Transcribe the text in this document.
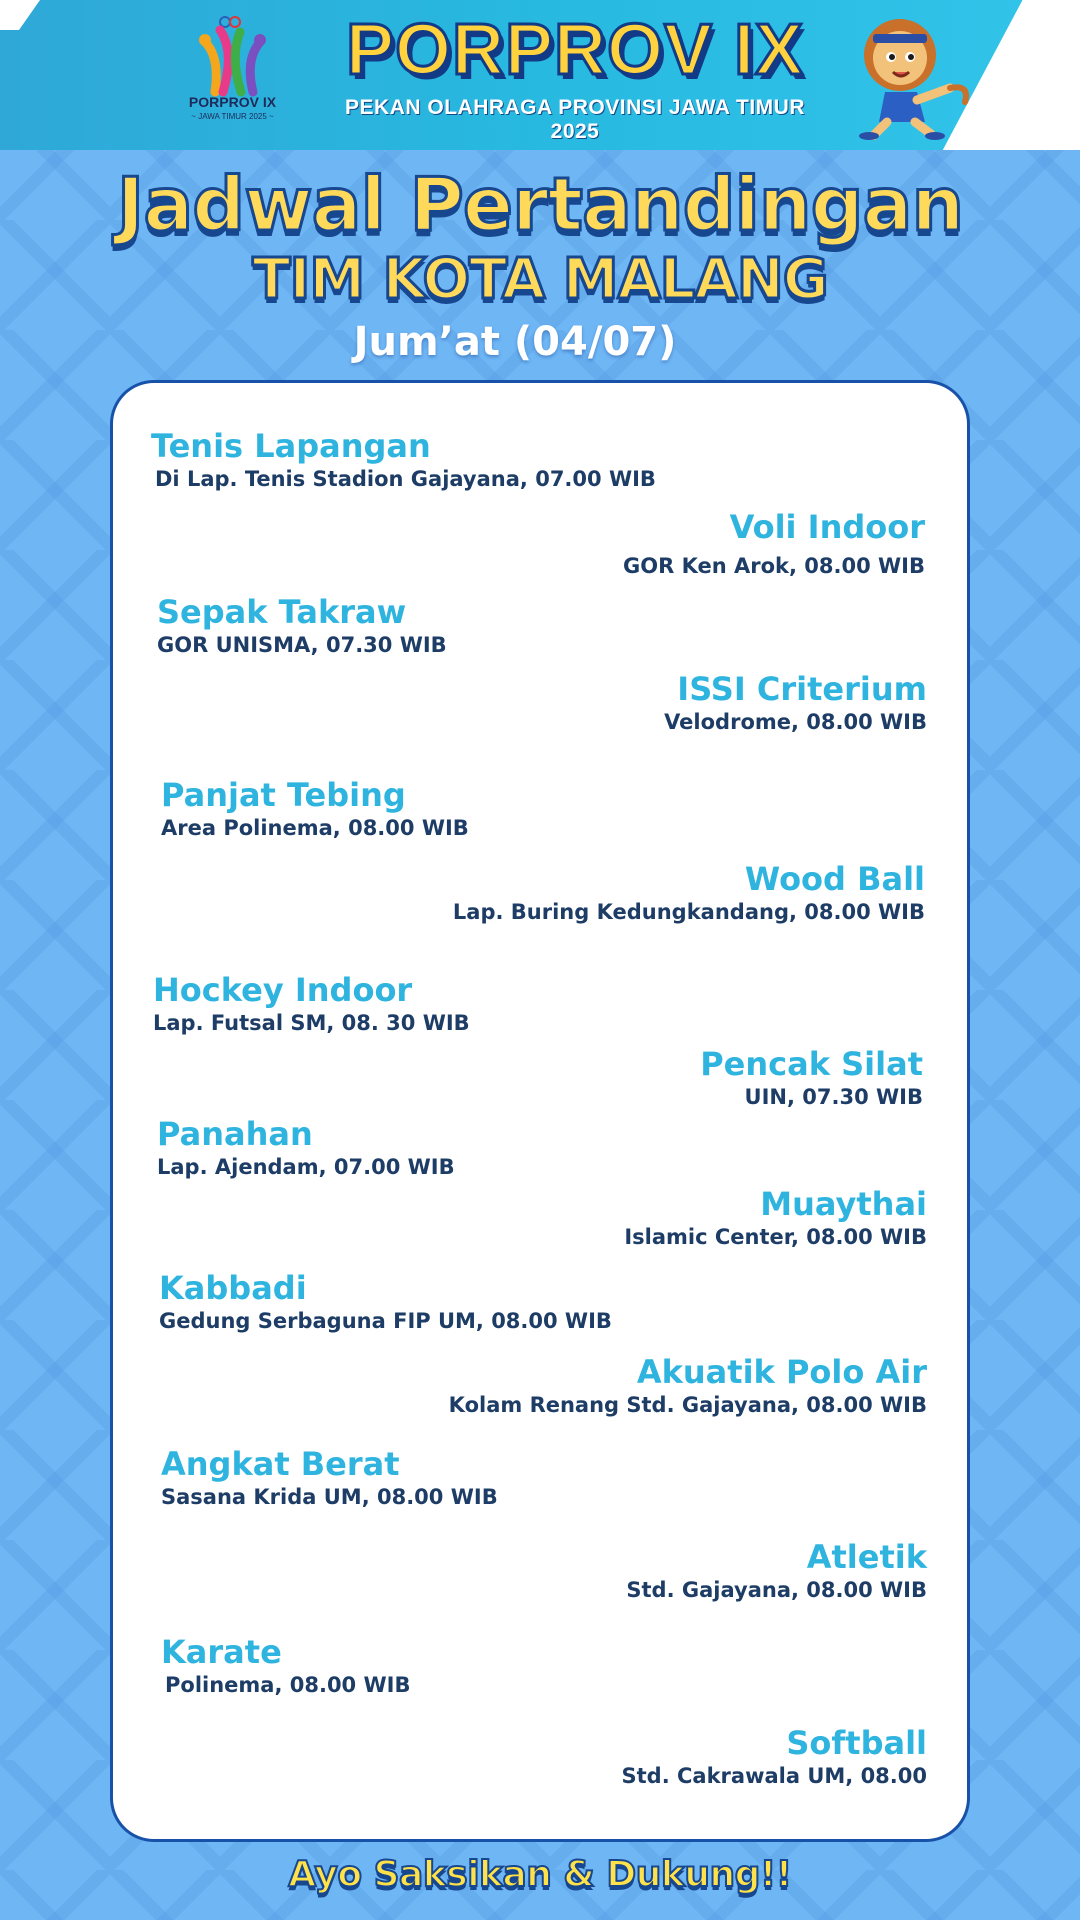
PORPROV IX
~ JAWA TIMUR 2025 ~
PORPROV IX
PEKAN OLAHRAGA PROVINSI JAWA TIMUR 2025
Jadwal Pertandingan
TIM KOTA MALANG
Jum’at (04/07)
Tenis Lapangan
Di Lap. Tenis Stadion Gajayana, 07.00 WIB
Voli Indoor
GOR Ken Arok, 08.00 WIB
Sepak Takraw
GOR UNISMA, 07.30 WIB
ISSI Criterium
Velodrome, 08.00 WIB
Panjat Tebing
Area Polinema, 08.00 WIB
Wood Ball
Lap. Buring Kedungkandang, 08.00 WIB
Hockey Indoor
Lap. Futsal SM, 08. 30 WIB
Pencak Silat
UIN, 07.30 WIB
Panahan
Lap. Ajendam, 07.00 WIB
Muaythai
Islamic Center, 08.00 WIB
Kabbadi
Gedung Serbaguna FIP UM, 08.00 WIB
Akuatik Polo Air
Kolam Renang Std. Gajayana, 08.00 WIB
Angkat Berat
Sasana Krida UM, 08.00 WIB
Atletik
Std. Gajayana, 08.00 WIB
Karate
Polinema, 08.00 WIB
Softball
Std. Cakrawala UM, 08.00
Ayo Saksikan & Dukung!!
